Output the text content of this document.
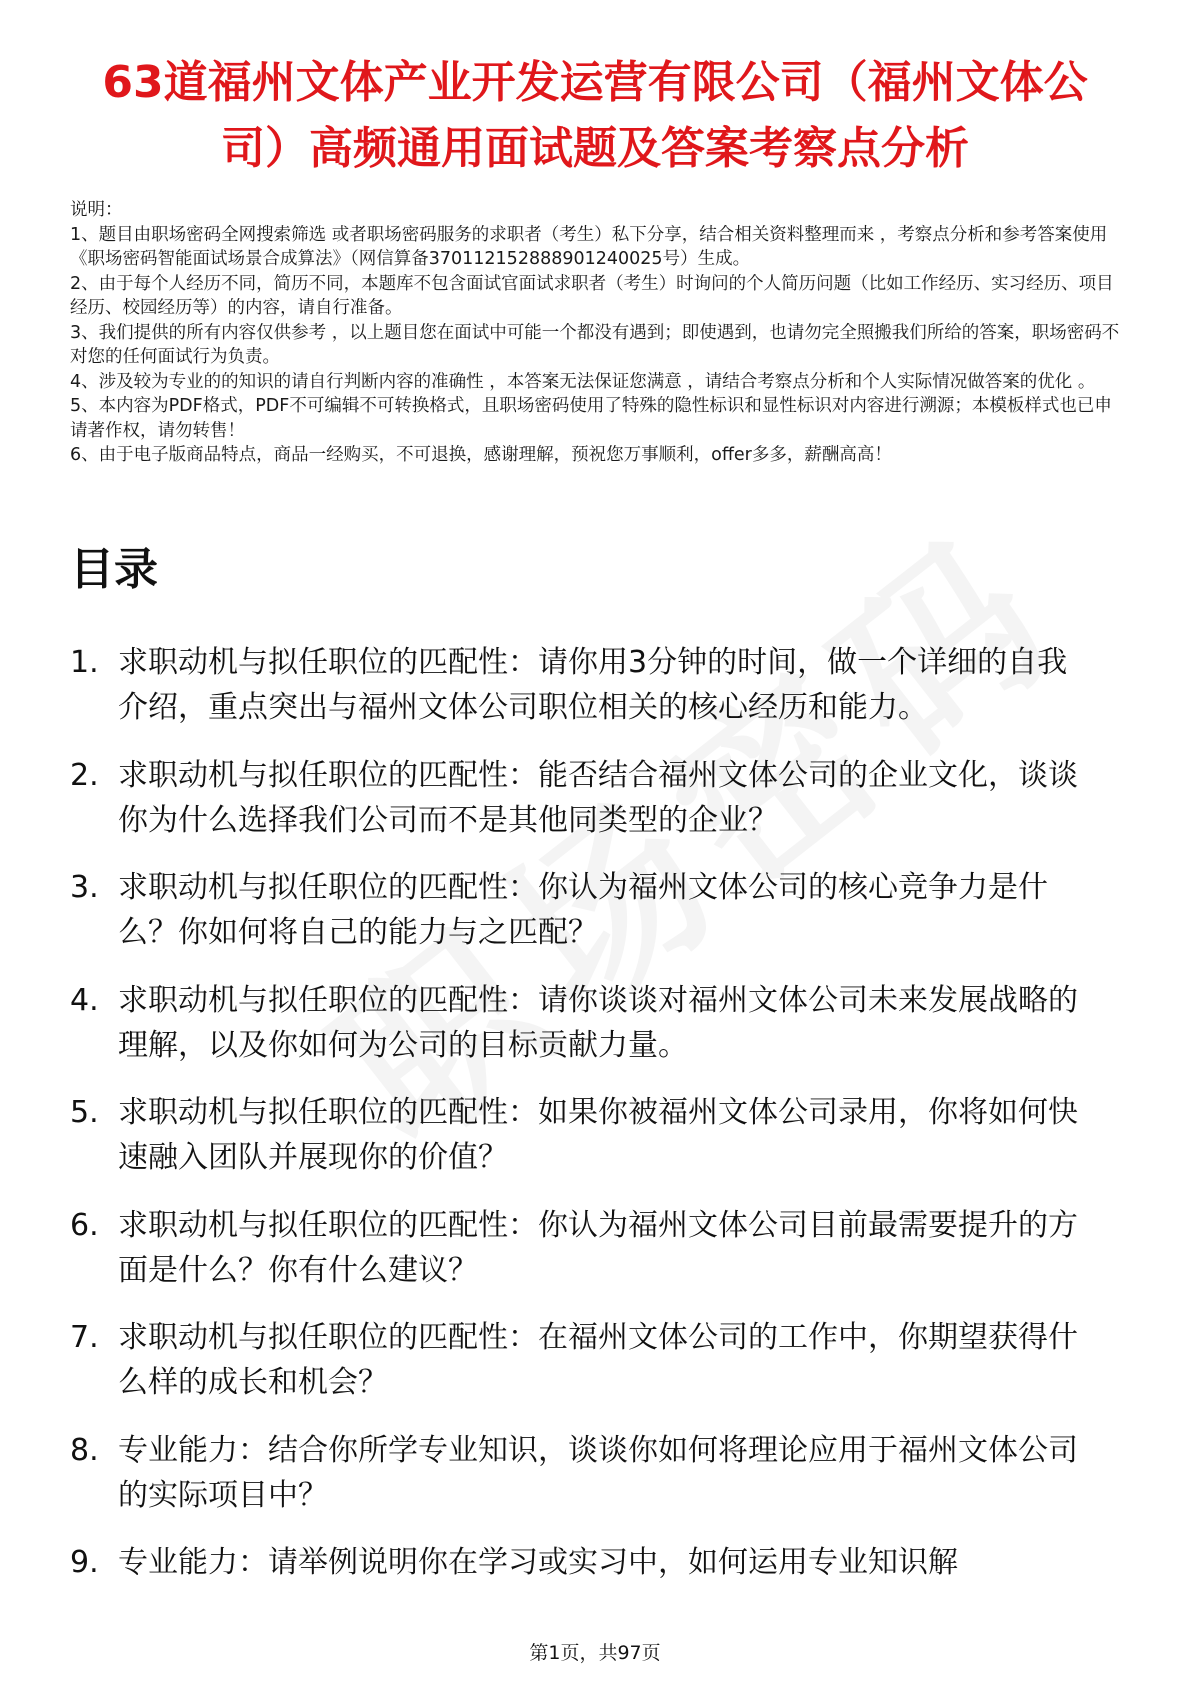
63道福州文体产业开发运营有限公司（福州文体公司）高频通用面试题及答案考察点分析

说明：

1、题目由职场密码全网搜索筛选 或者职场密码服务的求职者（考生）私下分享，结合相关资料整理而来 ，考察点分析和参考答案使用《职场密码智能面试场景合成算法》（网信算备370112152888901240025号）生成。

2、由于每个人经历不同，简历不同，本题库不包含面试官面试求职者（考生）时询问的个人简历问题（比如工作经历、实习经历、项目经历、校园经历等）的内容，请自行准备。

3、我们提供的所有内容仅供参考 ，以上题目您在面试中可能一个都没有遇到；即使遇到，也请勿完全照搬我们所给的答案，职场密码不对您的任何面试行为负责。

4、涉及较为专业的的知识的请自行判断内容的准确性 ，本答案无法保证您满意 ，请结合考察点分析和个人实际情况做答案的优化 。

5、本内容为PDF格式，PDF不可编辑不可转换格式，且职场密码使用了特殊的隐性标识和显性标识对内容进行溯源；本模板样式也已申请著作权，请勿转售！

6、由于电子版商品特点，商品一经购买，不可退换，感谢理解，预祝您万事顺利，offer多多，薪酬高高！

目录
1. 求职动机与拟任职位的匹配性：请你用3分钟的时间，做一个详细的自我介绍，重点突出与福州文体公司职位相关的核心经历和能力。
2. 求职动机与拟任职位的匹配性：能否结合福州文体公司的企业文化，谈谈你为什么选择我们公司而不是其他同类型的企业？
3. 求职动机与拟任职位的匹配性：你认为福州文体公司的核心竞争力是什么？你如何将自己的能力与之匹配？
4. 求职动机与拟任职位的匹配性：请你谈谈对福州文体公司未来发展战略的理解，以及你如何为公司的目标贡献力量。
5. 求职动机与拟任职位的匹配性：如果你被福州文体公司录用，你将如何快速融入团队并展现你的价值？
6. 求职动机与拟任职位的匹配性：你认为福州文体公司目前最需要提升的方面是什么？你有什么建议？
7. 求职动机与拟任职位的匹配性：在福州文体公司的工作中，你期望获得什么样的成长和机会？
8. 专业能力：结合你所学专业知识，谈谈你如何将理论应用于福州文体公司的实际项目中？
9. 专业能力：请举例说明你在学习或实习中，如何运用专业知识解
第1页，共97页
